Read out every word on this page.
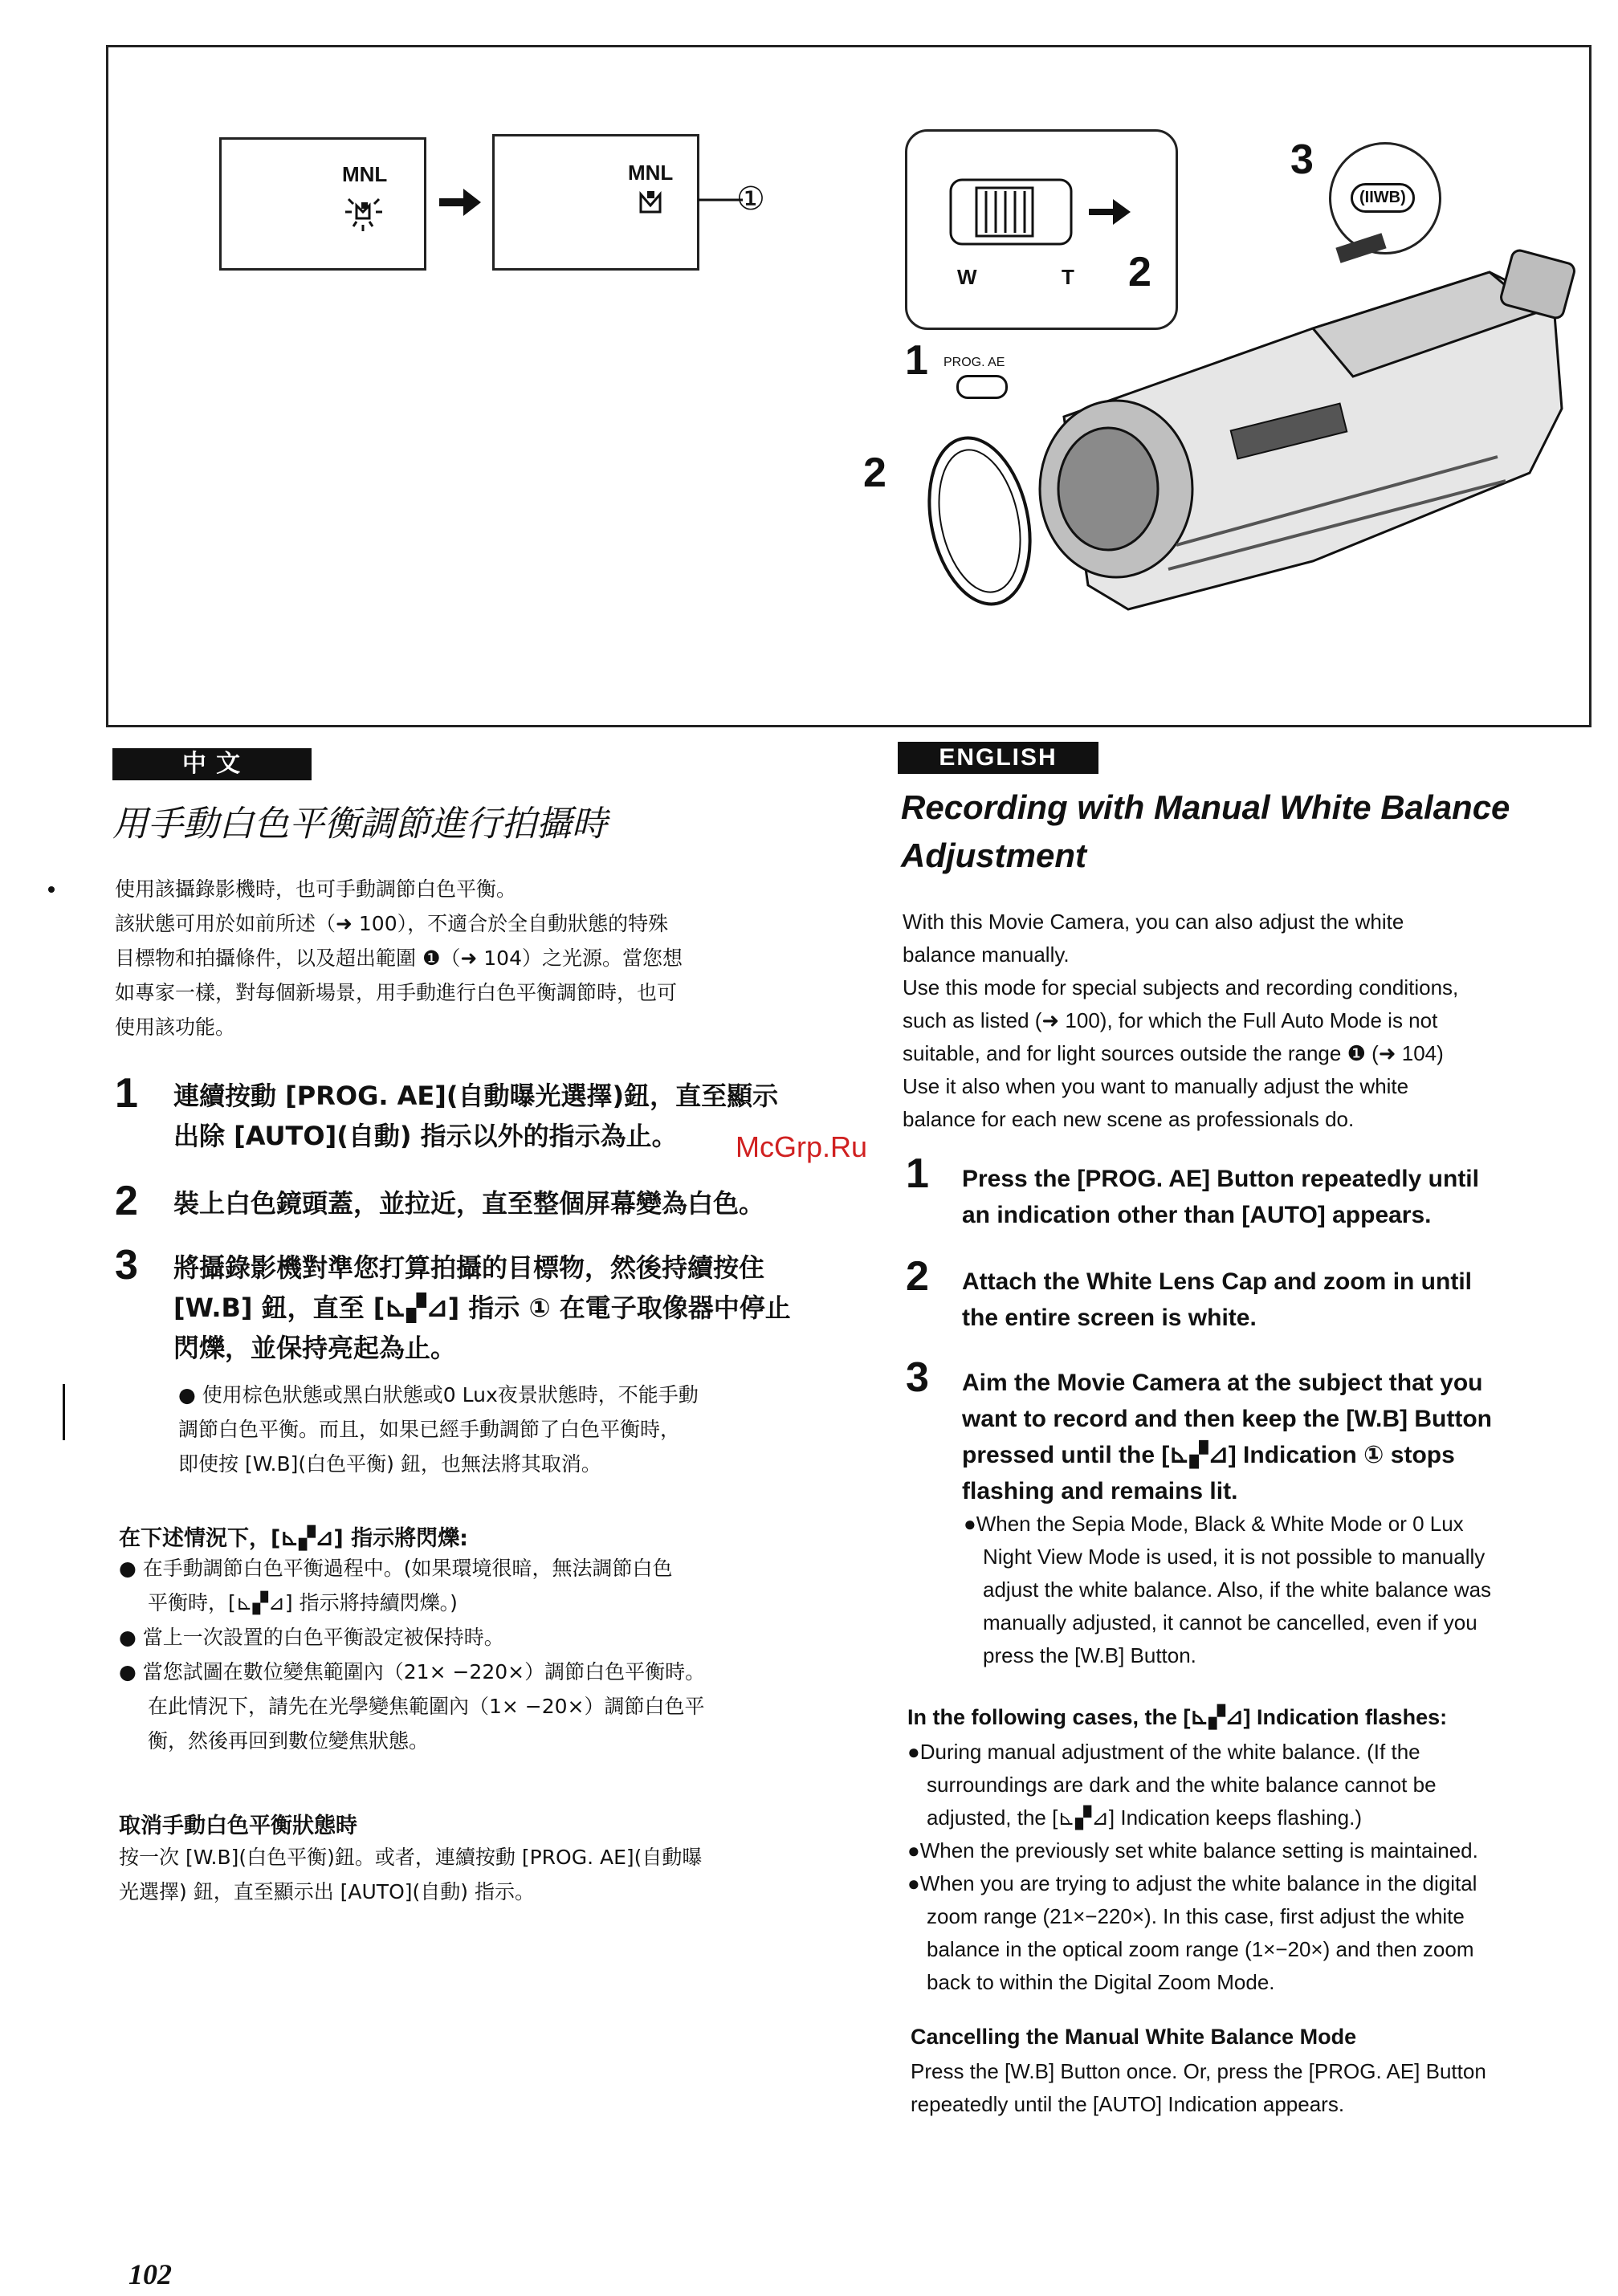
MNL	MNL
①
W	T 2
3
(IIWB)
2
1 PROG. AE
中 文
用手動白色平衡調節進行拍攝時
使用該攝錄影機時，也可手動調節白色平衡。
該狀態可用於如前所述（➜ 100），不適合於全自動狀態的特殊
目標物和拍攝條件，以及超出範圍 ❶（➜ 104）之光源。當您想
如專家一樣，對每個新場景，用手動進行白色平衡調節時，也可
使用該功能。
1 連續按動 [PROG. AE](自動曝光選擇)鈕，直至顯示
出除 [AUTO](自動) 指示以外的指示為止。
2 裝上白色鏡頭蓋，並拉近，直至整個屏幕變為白色。
3 將攝錄影機對準您打算拍攝的目標物，然後持續按住
[W.B] 鈕，直至 [⊾▞⊿] 指示 ① 在電子取像器中停止
閃爍，並保持亮起為止。
● 使用棕色狀態或黑白狀態或0 Lux夜景狀態時，不能手動
調節白色平衡。而且，如果已經手動調節了白色平衡時，
即使按 [W.B](白色平衡) 鈕，也無法將其取消。
在下述情況下，[⊾▞⊿] 指示將閃爍:
● 在手動調節白色平衡過程中。(如果環境很暗，無法調節白色
平衡時，[⊾▞⊿] 指示將持續閃爍。)
● 當上一次設置的白色平衡設定被保持時。
● 當您試圖在數位變焦範圍內（21× −220×）調節白色平衡時。
在此情況下，請先在光學變焦範圍內（1× −20×）調節白色平
衡，然後再回到數位變焦狀態。
取消手動白色平衡狀態時
按一次 [W.B](白色平衡)鈕。或者，連續按動 [PROG. AE](自動曝
光選擇) 鈕，直至顯示出 [AUTO](自動) 指示。
McGrp.Ru
ENGLISH
Recording with Manual White Balance
Adjustment
With this Movie Camera, you can also adjust the white
balance manually.
Use this mode for special subjects and recording conditions,
such as listed (➜ 100), for which the Full Auto Mode is not
suitable, and for light sources outside the range ❶ (➜ 104)
Use it also when you want to manually adjust the white
balance for each new scene as professionals do.
1 Press the [PROG. AE] Button repeatedly until
an indication other than [AUTO] appears.
2 Attach the White Lens Cap and zoom in until
the entire screen is white.
3 Aim the Movie Camera at the subject that you
want to record and then keep the [W.B] Button
pressed until the [⊾▞⊿] Indication ① stops
flashing and remains lit.
●When the Sepia Mode, Black & White Mode or 0 Lux
Night View Mode is used, it is not possible to manually
adjust the white balance. Also, if the white balance was
manually adjusted, it cannot be cancelled, even if you
press the [W.B] Button.
In the following cases, the [⊾▞⊿] Indication flashes:
●During manual adjustment of the white balance. (If the
surroundings are dark and the white balance cannot be
adjusted, the [⊾▞⊿] Indication keeps flashing.)
●When the previously set white balance setting is maintained.
●When you are trying to adjust the white balance in the digital
zoom range (21×−220×). In this case, first adjust the white
balance in the optical zoom range (1×−20×) and then zoom
back to within the Digital Zoom Mode.
Cancelling the Manual White Balance Mode
Press the [W.B] Button once. Or, press the [PROG. AE] Button
repeatedly until the [AUTO] Indication appears.
102
